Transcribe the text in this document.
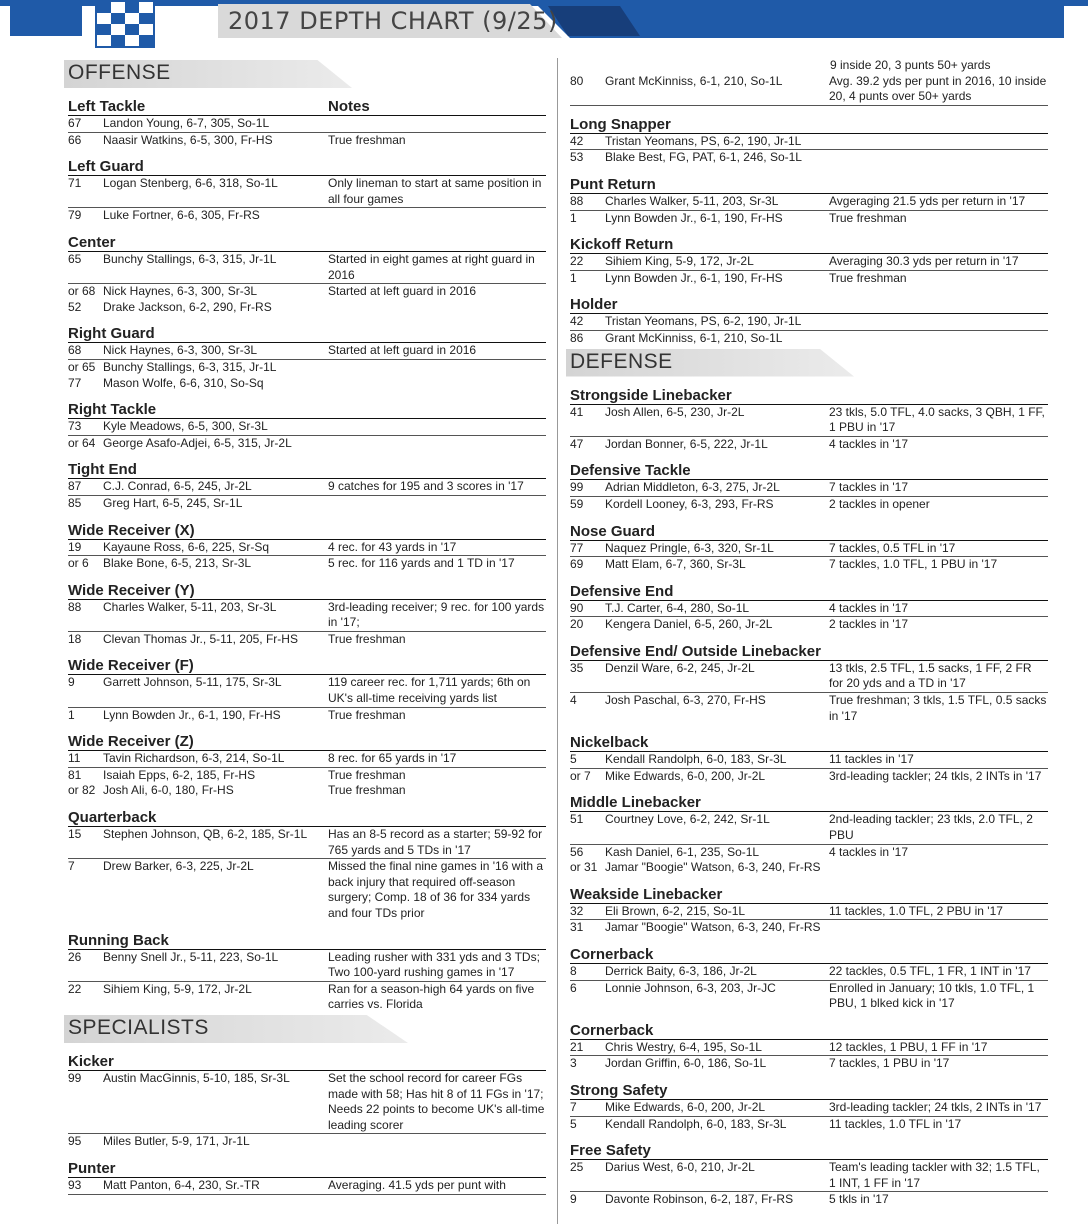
2017 DEPTH CHART (9/25)
OFFENSE
Left Tackle	Notes
67	Landon Young, 6-7, 305, So-1L
66	Naasir Watkins, 6-5, 300, Fr-HS	True freshman
Left Guard
71	Logan Stenberg, 6-6, 318, So-1L	Only lineman to start at same position in all four games
79	Luke Fortner, 6-6, 305, Fr-RS
Center
65	Bunchy Stallings, 6-3, 315, Jr-1L	Started in eight games at right guard in 2016
or 68 Nick Haynes, 6-3, 300, Sr-3L	Started at left guard in 2016
52	Drake Jackson, 6-2, 290, Fr-RS
Right Guard
68	Nick Haynes, 6-3, 300, Sr-3L	Started at left guard in 2016
or 65 Bunchy Stallings, 6-3, 315, Jr-1L
77	Mason Wolfe, 6-6, 310, So-Sq
Right Tackle
73	Kyle Meadows, 6-5, 300, Sr-3L
or 64 George Asafo-Adjei, 6-5, 315, Jr-2L
Tight End
87	C.J. Conrad, 6-5, 245, Jr-2L	9 catches for 195 and 3 scores in '17
85	Greg Hart, 6-5, 245, Sr-1L
Wide Receiver (X)
19	Kayaune Ross, 6-6, 225, Sr-Sq	4 rec. for 43 yards in '17
or 6	Blake Bone, 6-5, 213, Sr-3L	5 rec. for 116 yards and 1 TD in '17
Wide Receiver (Y)
88	Charles Walker, 5-11, 203, Sr-3L	3rd-leading receiver; 9 rec. for 100 yards in '17;
18	Clevan Thomas Jr., 5-11, 205, Fr-HS	True freshman
Wide Receiver (F)
9	Garrett Johnson, 5-11, 175, Sr-3L	119 career rec. for 1,711 yards; 6th on UK's all-time receiving yards list
1	Lynn Bowden Jr., 6-1, 190, Fr-HS	True freshman
Wide Receiver (Z)
11	Tavin Richardson, 6-3, 214, So-1L	8 rec. for 65 yards in '17
81	Isaiah Epps, 6-2, 185, Fr-HS	True freshman
or 82 Josh Ali, 6-0, 180, Fr-HS	True freshman
Quarterback
15	Stephen Johnson, QB, 6-2, 185, Sr-1L	Has an 8-5 record as a starter; 59-92 for 765 yards and 5 TDs in '17
7	Drew Barker, 6-3, 225, Jr-2L	Missed the final nine games in '16 with a back injury that required off-season surgery; Comp. 18 of 36 for 334 yards and four TDs prior
Running Back
26	Benny Snell Jr., 5-11, 223, So-1L	Leading rusher with 331 yds and 3 TDs; Two 100-yard rushing games in '17
22	Sihiem King, 5-9, 172, Jr-2L	Ran for a season-high 64 yards on five carries vs. Florida
SPECIALISTS
Kicker
99	Austin MacGinnis, 5-10, 185, Sr-3L	Set the school record for career FGs made with 58; Has hit 8 of 11 FGs in '17; Needs 22 points to become UK's all-time leading scorer
95	Miles Butler, 5-9, 171, Jr-1L
Punter
93	Matt Panton, 6-4, 230, Sr.-TR	Averaging. 41.5 yds per punt with
9 inside 20, 3 punts 50+ yards
80	Grant McKinniss, 6-1, 210, So-1L	Avg. 39.2 yds per punt in 2016, 10 inside 20, 4 punts over 50+ yards
Long Snapper
42	Tristan Yeomans, PS, 6-2, 190, Jr-1L
53	Blake Best, FG, PAT, 6-1, 246, So-1L
Punt Return
88	Charles Walker, 5-11, 203, Sr-3L	Avgeraging 21.5 yds per return in '17
1	Lynn Bowden Jr., 6-1, 190, Fr-HS	True freshman
Kickoff Return
22	Sihiem King, 5-9, 172, Jr-2L	Averaging 30.3 yds per return in '17
1	Lynn Bowden Jr., 6-1, 190, Fr-HS	True freshman
Holder
42	Tristan Yeomans, PS, 6-2, 190, Jr-1L
86	Grant McKinniss, 6-1, 210, So-1L
DEFENSE
Strongside Linebacker
41	Josh Allen, 6-5, 230, Jr-2L	23 tkls, 5.0 TFL, 4.0 sacks, 3 QBH, 1 FF, 1 PBU in '17
47	Jordan Bonner, 6-5, 222, Jr-1L	4 tackles in '17
Defensive Tackle
99	Adrian Middleton, 6-3, 275, Jr-2L	7 tackles in '17
59	Kordell Looney, 6-3, 293, Fr-RS	2 tackles in opener
Nose Guard
77	Naquez Pringle, 6-3, 320, Sr-1L	7 tackles, 0.5 TFL in '17
69	Matt Elam, 6-7, 360, Sr-3L	7 tackles, 1.0 TFL, 1 PBU in '17
Defensive End
90	T.J. Carter, 6-4, 280, So-1L	4 tackles in '17
20	Kengera Daniel, 6-5, 260, Jr-2L	2 tackles in '17
Defensive End/ Outside Linebacker
35	Denzil Ware, 6-2, 245, Jr-2L	13 tkls, 2.5 TFL, 1.5 sacks, 1 FF, 2 FR for 20 yds and a TD in '17
4	Josh Paschal, 6-3, 270, Fr-HS	True freshman; 3 tkls, 1.5 TFL, 0.5 sacks in '17
Nickelback
5	Kendall Randolph, 6-0, 183, Sr-3L	11 tackles in '17
or 7	Mike Edwards, 6-0, 200, Jr-2L	3rd-leading tackler; 24 tkls, 2 INTs in '17
Middle Linebacker
51	Courtney Love, 6-2, 242, Sr-1L	2nd-leading tackler; 23 tkls, 2.0 TFL, 2 PBU
56	Kash Daniel, 6-1, 235, So-1L	4 tackles in '17
or 31 Jamar "Boogie" Watson, 6-3, 240, Fr-RS
Weakside Linebacker
32	Eli Brown, 6-2, 215, So-1L	11 tackles, 1.0 TFL, 2 PBU in '17
31	Jamar "Boogie" Watson, 6-3, 240, Fr-RS
Cornerback
8	Derrick Baity, 6-3, 186, Jr-2L	22 tackles, 0.5 TFL, 1 FR, 1 INT in '17
6	Lonnie Johnson, 6-3, 203, Jr-JC	Enrolled in January; 10 tkls, 1.0 TFL, 1 PBU, 1 blked kick in '17
Cornerback
21	Chris Westry, 6-4, 195, So-1L	12 tackles, 1 PBU, 1 FF in '17
3	Jordan Griffin, 6-0, 186, So-1L	7 tackles, 1 PBU in '17
Strong Safety
7	Mike Edwards, 6-0, 200, Jr-2L	3rd-leading tackler; 24 tkls, 2 INTs in '17
5	Kendall Randolph, 6-0, 183, Sr-3L	11 tackles, 1.0 TFL in '17
Free Safety
25	Darius West, 6-0, 210, Jr-2L	Team's leading tackler with 32; 1.5 TFL, 1 INT, 1 FF in '17
9	Davonte Robinson, 6-2, 187, Fr-RS	5 tkls in '17
